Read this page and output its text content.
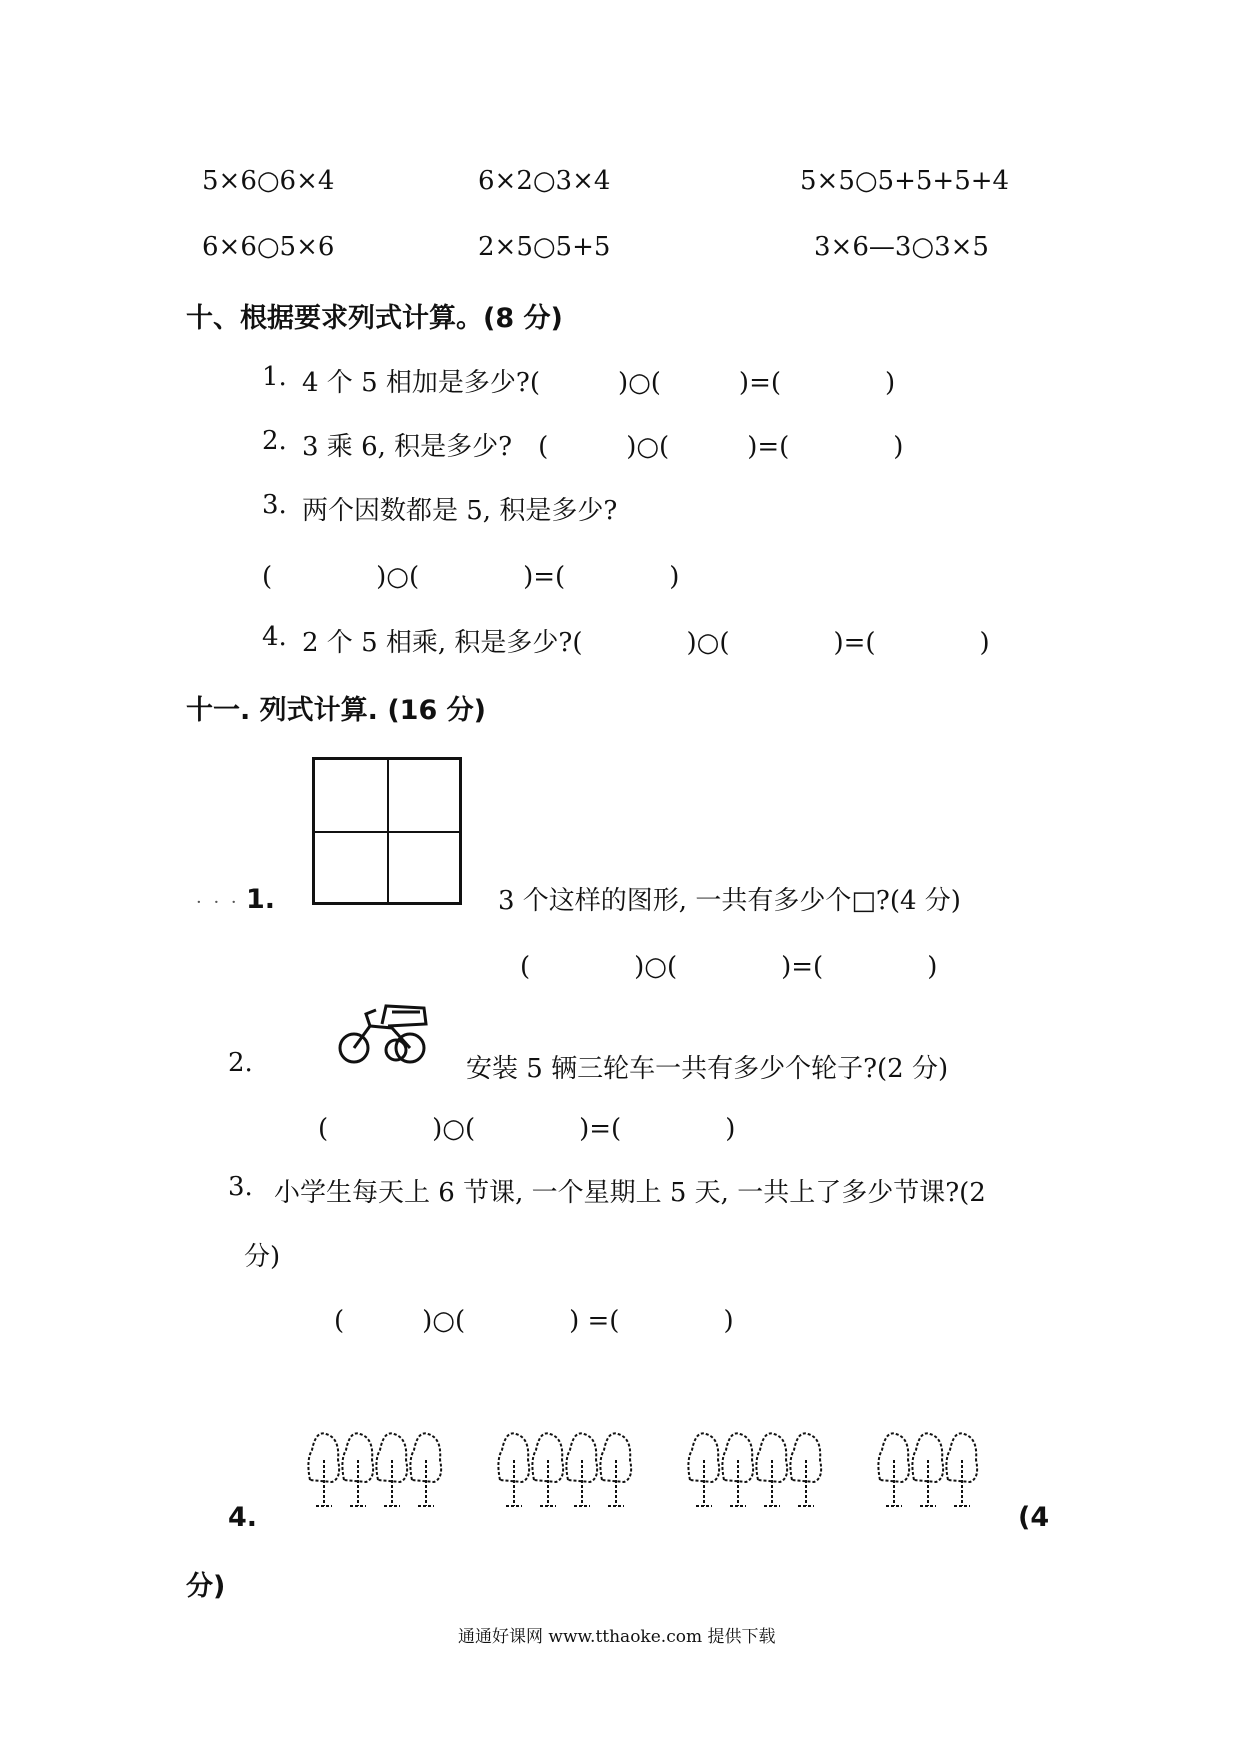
5×6○6×4	6×2○3×4	5×5○5+5+5+4
6×6○5×6	2×5○5+5	3×6—3○3×5
十、根据要求列式计算。(8 分)
1. 4 个 5 相加是多少?(　　　)○(　　　)=(　　　　)
2. 3 乘 6, 积是多少?　(　　　)○(　　　)=(　　　　)
3. 两个因数都是 5, 积是多少?
(　　　　)○(　　　　)=(　　　　)
4. 2 个 5 相乘, 积是多少?(　　　　)○(　　　　)=(　　　　)
十一. 列式计算. (16 分)
· · · 1.	3 个这样的图形, 一共有多少个□?(4 分)
(　　　　)○(　　　　)=(　　　　)
2.	安装 5 辆三轮车一共有多少个轮子?(2 分)
(　　　　)○(　　　　)=(　　　　)
3. 小学生每天上 6 节课, 一个星期上 5 天, 一共上了多少节课?(2
分)
(　　　)○(　　　　) =(　　　　)
4.	(4
分)
通通好课网 www.tthaoke.com 提供下载
